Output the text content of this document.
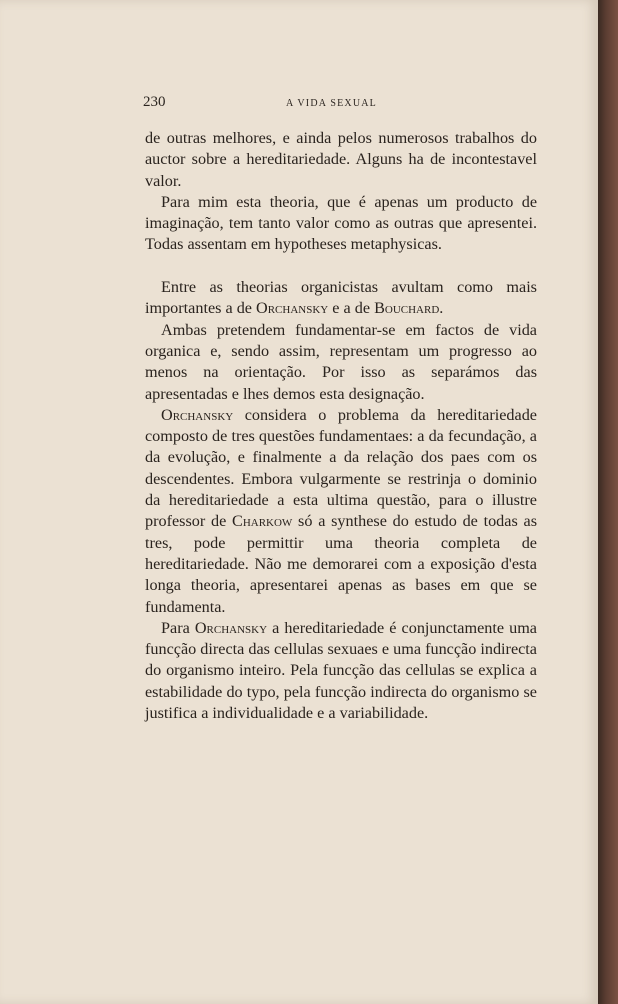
230	A VIDA SEXUAL

de outras melhores, e ainda pelos numerosos trabalhos do auctor sobre a hereditariedade. Alguns ha de incontestavel valor.

Para mim esta theoria, que é apenas um producto de imaginação, tem tanto valor como as outras que apresentei. Todas assentam em hypotheses metaphysicas.

Entre as theorias organicistas avultam como mais importantes a de Orchansky e a de Bouchard.

Ambas pretendem fundamentar-se em factos de vida organica e, sendo assim, representam um progresso ao menos na orientação. Por isso as separámos das apresentadas e lhes demos esta designação.

Orchansky considera o problema da hereditariedade composto de tres questões fundamentaes: a da fecundação, a da evolução, e finalmente a da relação dos paes com os descendentes. Embora vulgarmente se restrinja o dominio da hereditariedade a esta ultima questão, para o illustre professor de Charkow só a synthese do estudo de todas as tres, pode permittir uma theoria completa de hereditariedade. Não me demorarei com a exposição d'esta longa theoria, apresentarei apenas as bases em que se fundamenta.

Para Orchansky a hereditariedade é conjunctamente uma funcção directa das cellulas sexuaes e uma funcção indirecta do organismo inteiro. Pela funcção das cellulas se explica a estabilidade do typo, pela funcção indirecta do organismo se justifica a individualidade e a variabilidade.
